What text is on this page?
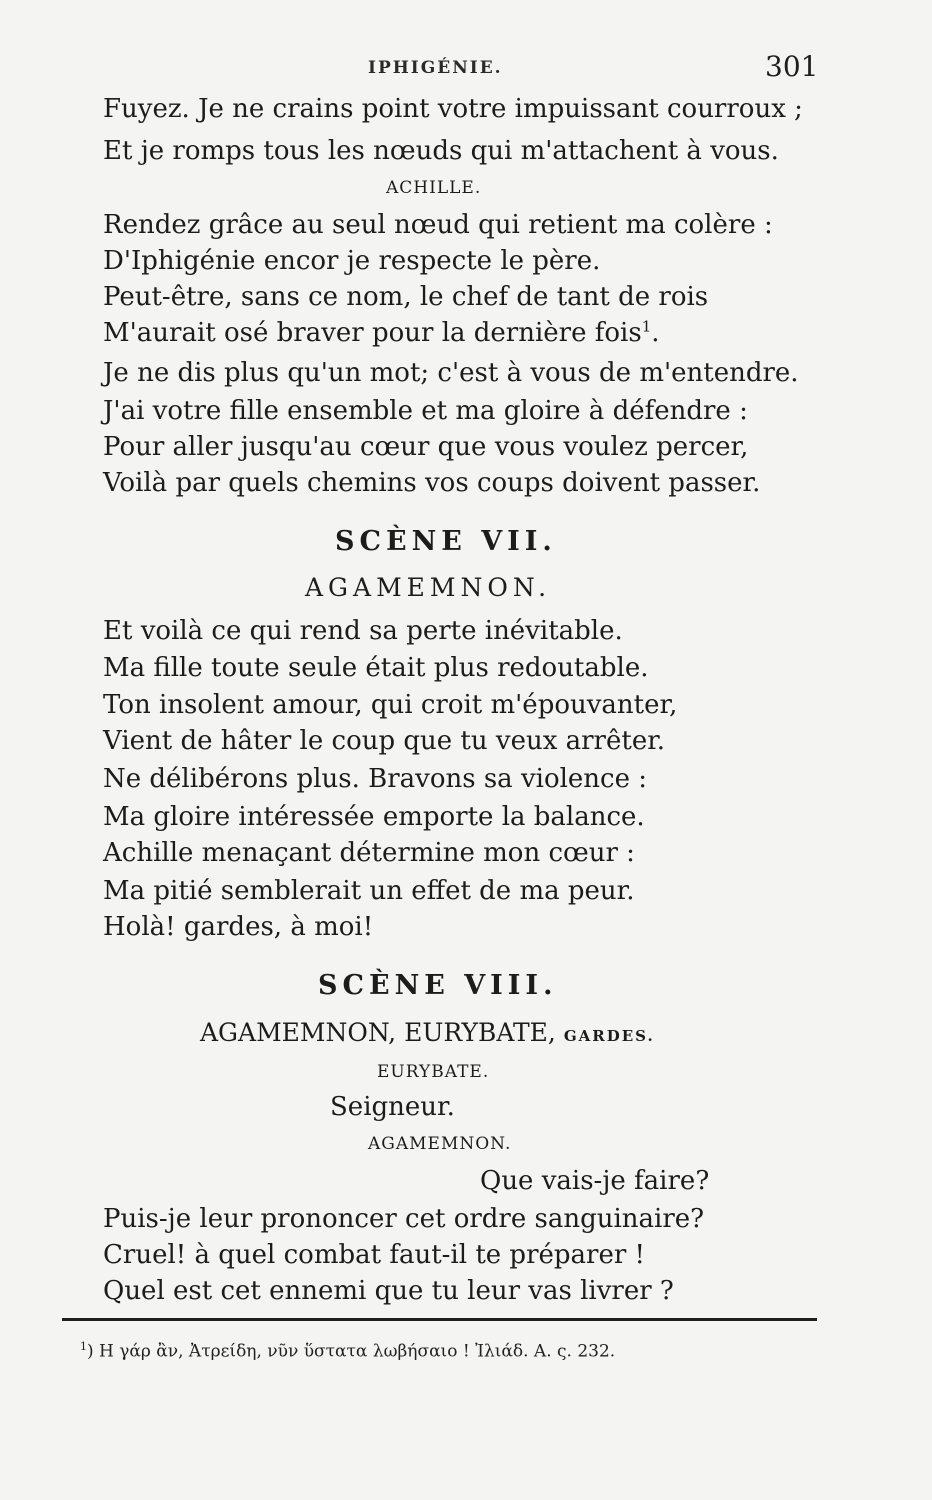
IPHIGÉNIE.	301
Fuyez. Je ne crains point votre impuissant courroux ;
Et je romps tous les nœuds qui m'attachent à vous.
ACHILLE.
Rendez grâce au seul nœud qui retient ma colère :
D'Iphigénie encor je respecte le père.
Peut-être, sans ce nom, le chef de tant de rois
M'aurait osé braver pour la dernière fois$^1$.
Je ne dis plus qu'un mot; c'est à vous de m'entendre.
J'ai votre fille ensemble et ma gloire à défendre :
Pour aller jusqu'au cœur que vous voulez percer,
Voilà par quels chemins vos coups doivent passer.
SCÈNE VII.
AGAMEMNON.
Et voilà ce qui rend sa perte inévitable.
Ma fille toute seule était plus redoutable.
Ton insolent amour, qui croit m'épouvanter,
Vient de hâter le coup que tu veux arrêter.
Ne délibérons plus. Bravons sa violence :
Ma gloire intéressée emporte la balance.
Achille menaçant détermine mon cœur :
Ma pitié semblerait un effet de ma peur.
Holà! gardes, à moi!
SCÈNE VIII.
AGAMEMNON, EURYBATE, GARDES.
EURYBATE.
Seigneur.
AGAMEMNON.
Que vais-je faire?
Puis-je leur prononcer cet ordre sanguinaire?
Cruel! à quel combat faut-il te préparer !
Quel est cet ennemi que tu leur vas livrer ?
$^1$) Η γάρ ἂν, Ἀτρείδη, νῦν ὕστατα λωβήσαιο ! Ἰλιάδ. Α. ς. 232.
